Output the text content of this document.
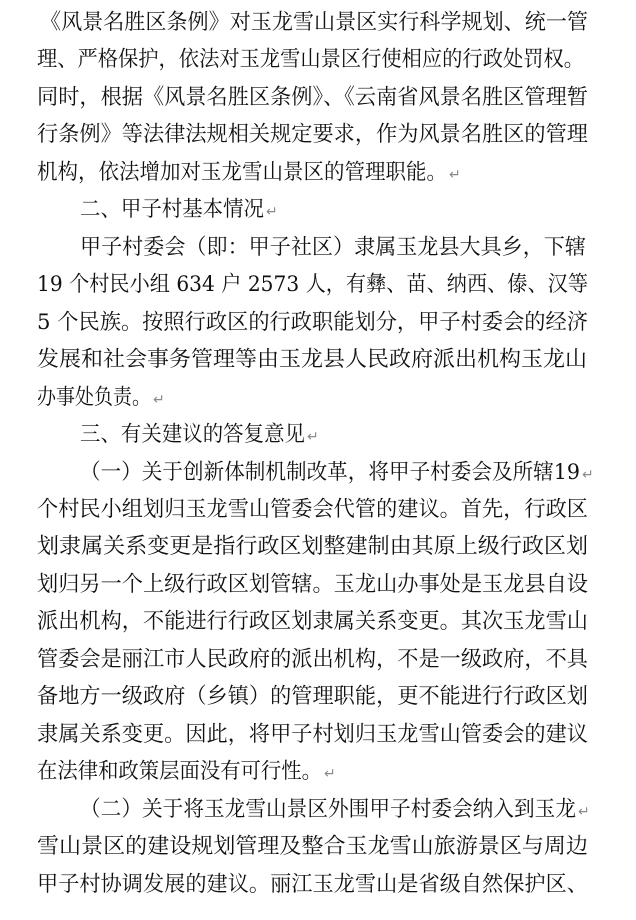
《风景名胜区条例》对玉龙雪山景区实行科学规划、统一管
理、严格保护，依法对玉龙雪山景区行使相应的行政处罚权。
同时，根据《风景名胜区条例》、《云南省风景名胜区管理暂
行条例》等法律法规相关规定要求，作为风景名胜区的管理
机构，依法增加对玉龙雪山景区的管理职能。 ↵
二、甲子村基本情况 ↵
甲子村委会（即：甲子社区）隶属玉龙县大具乡，下辖
19 个村民小组 634 户 2573 人，有彝、苗、纳西、傣、汉等
5 个民族。按照行政区的行政职能划分，甲子村委会的经济
发展和社会事务管理等由玉龙县人民政府派出机构玉龙山
办事处负责。 ↵
三、有关建议的答复意见 ↵
（一）关于创新体制机制改革，将甲子村委会及所辖19 ↵
个村民小组划归玉龙雪山管委会代管的建议。首先，行政区
划隶属关系变更是指行政区划整建制由其原上级行政区划
划归另一个上级行政区划管辖。玉龙山办事处是玉龙县自设
派出机构，不能进行行政区划隶属关系变更。其次玉龙雪山
管委会是丽江市人民政府的派出机构，不是一级政府，不具
备地方一级政府（乡镇）的管理职能，更不能进行行政区划
隶属关系变更。因此，将甲子村划归玉龙雪山管委会的建议
在法律和政策层面没有可行性。 ↵
（二）关于将玉龙雪山景区外围甲子村委会纳入到玉龙 ↵
雪山景区的建设规划管理及整合玉龙雪山旅游景区与周边
甲子村协调发展的建议。丽江玉龙雪山是省级自然保护区、
